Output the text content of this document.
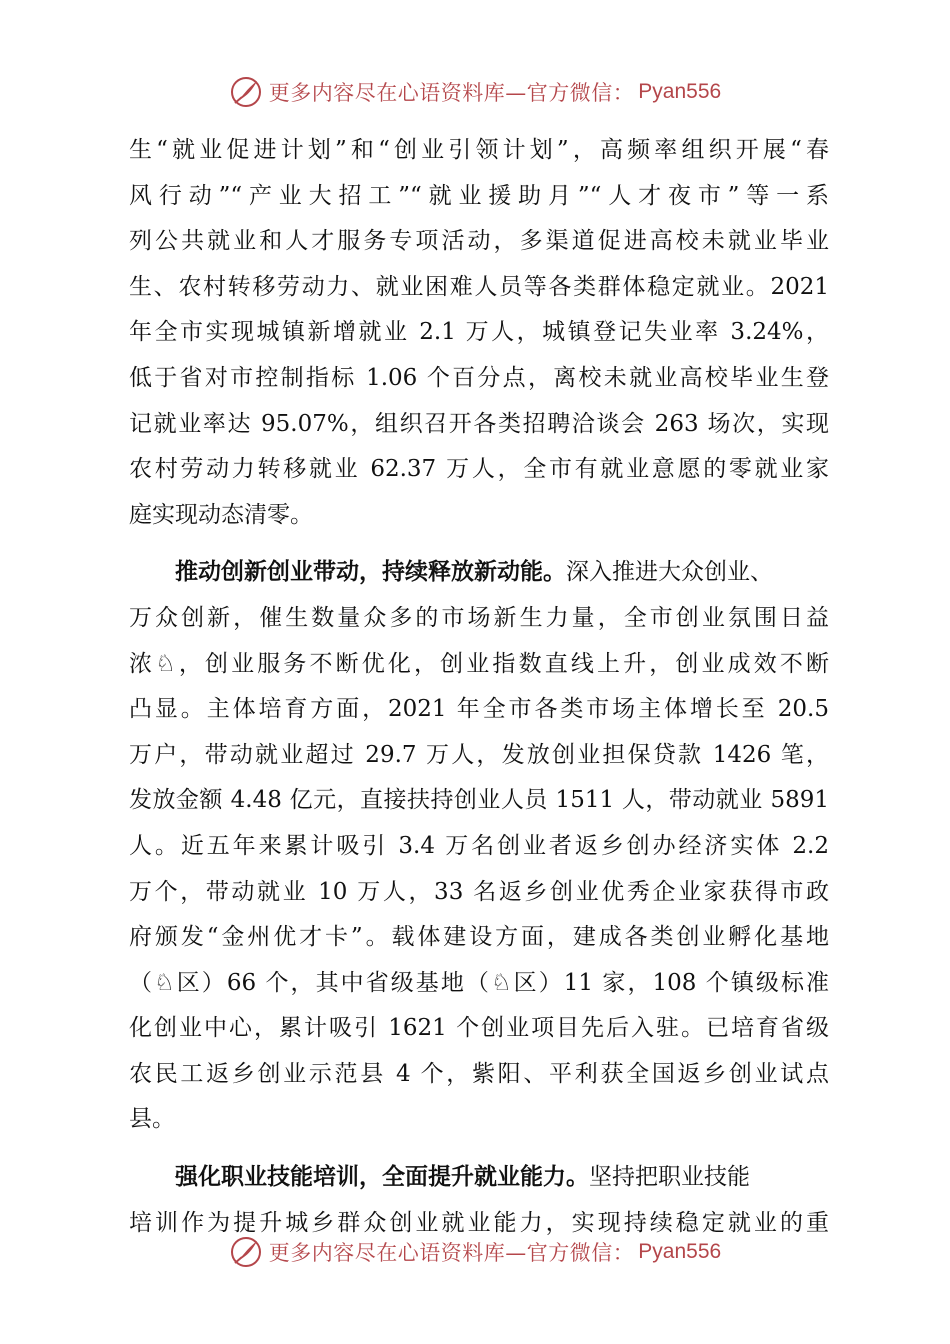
更多内容尽在心语资料库—官方微信： Pyan556
生“就业促进计划”和“创业引领计划”，高频率组织开展“春
风行动”“产业大招工”“就业援助月”“人才夜市”等一系
列公共就业和人才服务专项活动，多渠道促进高校未就业毕业
生、农村转移劳动力、就业困难人员等各类群体稳定就业。2021
年全市实现城镇新增就业 2.1 万人，城镇登记失业率 3.24%，
低于省对市控制指标 1.06 个百分点，离校未就业高校毕业生登
记就业率达 95.07%，组织召开各类招聘洽谈会 263 场次，实现
农村劳动力转移就业 62.37 万人，全市有就业意愿的零就业家
庭实现动态清零。
推动创新创业带动，持续释放新动能。深入推进大众创业、
万众创新，催生数量众多的市场新生力量，全市创业氛围日益
浓♘，创业服务不断优化，创业指数直线上升，创业成效不断
凸显。主体培育方面，2021 年全市各类市场主体增长至 20.5
万户，带动就业超过 29.7 万人，发放创业担保贷款 1426 笔，
发放金额 4.48 亿元，直接扶持创业人员 1511 人，带动就业 5891
人。近五年来累计吸引 3.4 万名创业者返乡创办经济实体 2.2
万个，带动就业 10 万人，33 名返乡创业优秀企业家获得市政
府颁发“金州优才卡”。载体建设方面，建成各类创业孵化基地
（♘区）66 个，其中省级基地（♘区）11 家，108 个镇级标准
化创业中心，累计吸引 1621 个创业项目先后入驻。已培育省级
农民工返乡创业示范县 4 个，紫阳、平利获全国返乡创业试点
县。
强化职业技能培训，全面提升就业能力。坚持把职业技能
培训作为提升城乡群众创业就业能力，实现持续稳定就业的重
更多内容尽在心语资料库—官方微信： Pyan556
